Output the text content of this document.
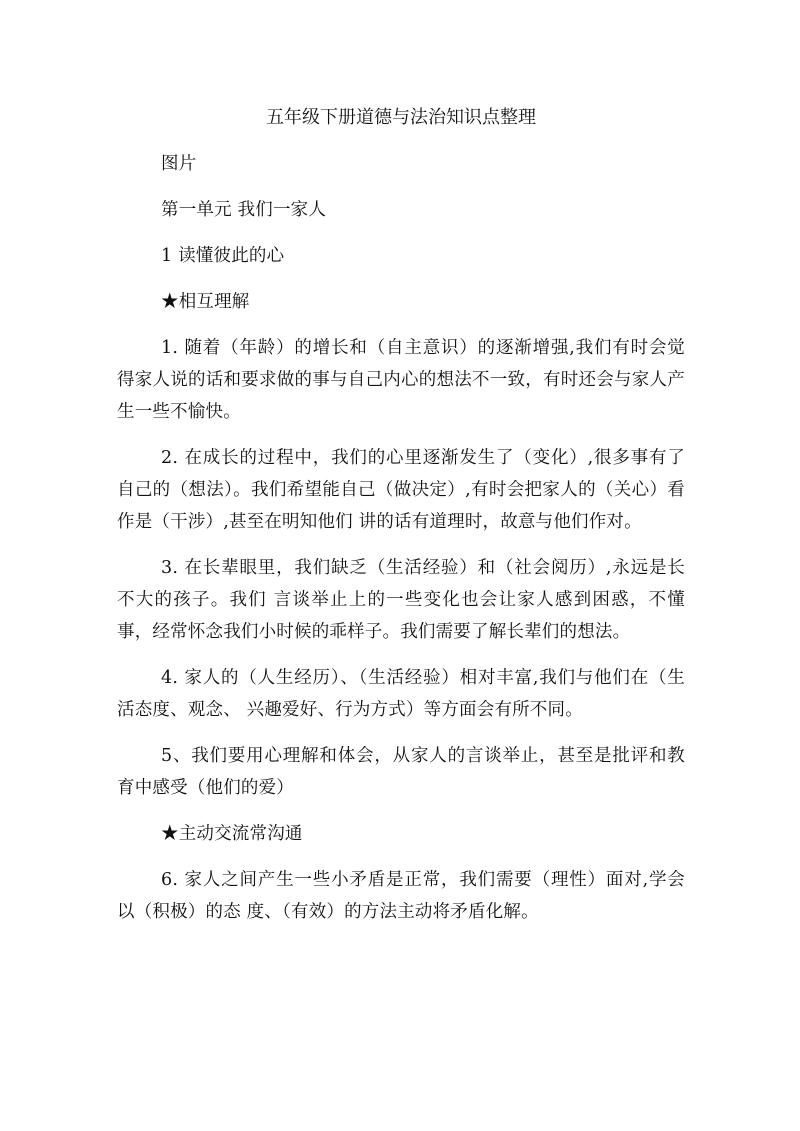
五年级下册道德与法治知识点整理

图片

第一单元 我们一家人

1 读懂彼此的心

★相互理解

1. 随着（年龄）的增长和（自主意识）的逐渐增强,我们有时会觉得家人说的话和要求做的事与自己内心的想法不一致，有时还会与家人产生一些不愉快。

2. 在成长的过程中，我们的心里逐渐发生了（变化）,很多事有了自己的（想法）。我们希望能自己（做决定）,有时会把家人的（关心）看作是（干涉）,甚至在明知他们 讲的话有道理时，故意与他们作对。

3. 在长辈眼里，我们缺乏（生活经验）和（社会阅历）,永远是长不大的孩子。我们 言谈举止上的一些变化也会让家人感到困惑，不懂事，经常怀念我们小时候的乖样子。我们需要了解长辈们的想法。

4. 家人的（人生经历）、（生活经验）相对丰富,我们与他们在（生活态度、观念、 兴趣爱好、行为方式）等方面会有所不同。

5、我们要用心理解和体会，从家人的言谈举止，甚至是批评和教育中感受（他们的爱）

★主动交流常沟通

6. 家人之间产生一些小矛盾是正常，我们需要（理性）面对,学会以（积极）的态 度、（有效）的方法主动将矛盾化解。
